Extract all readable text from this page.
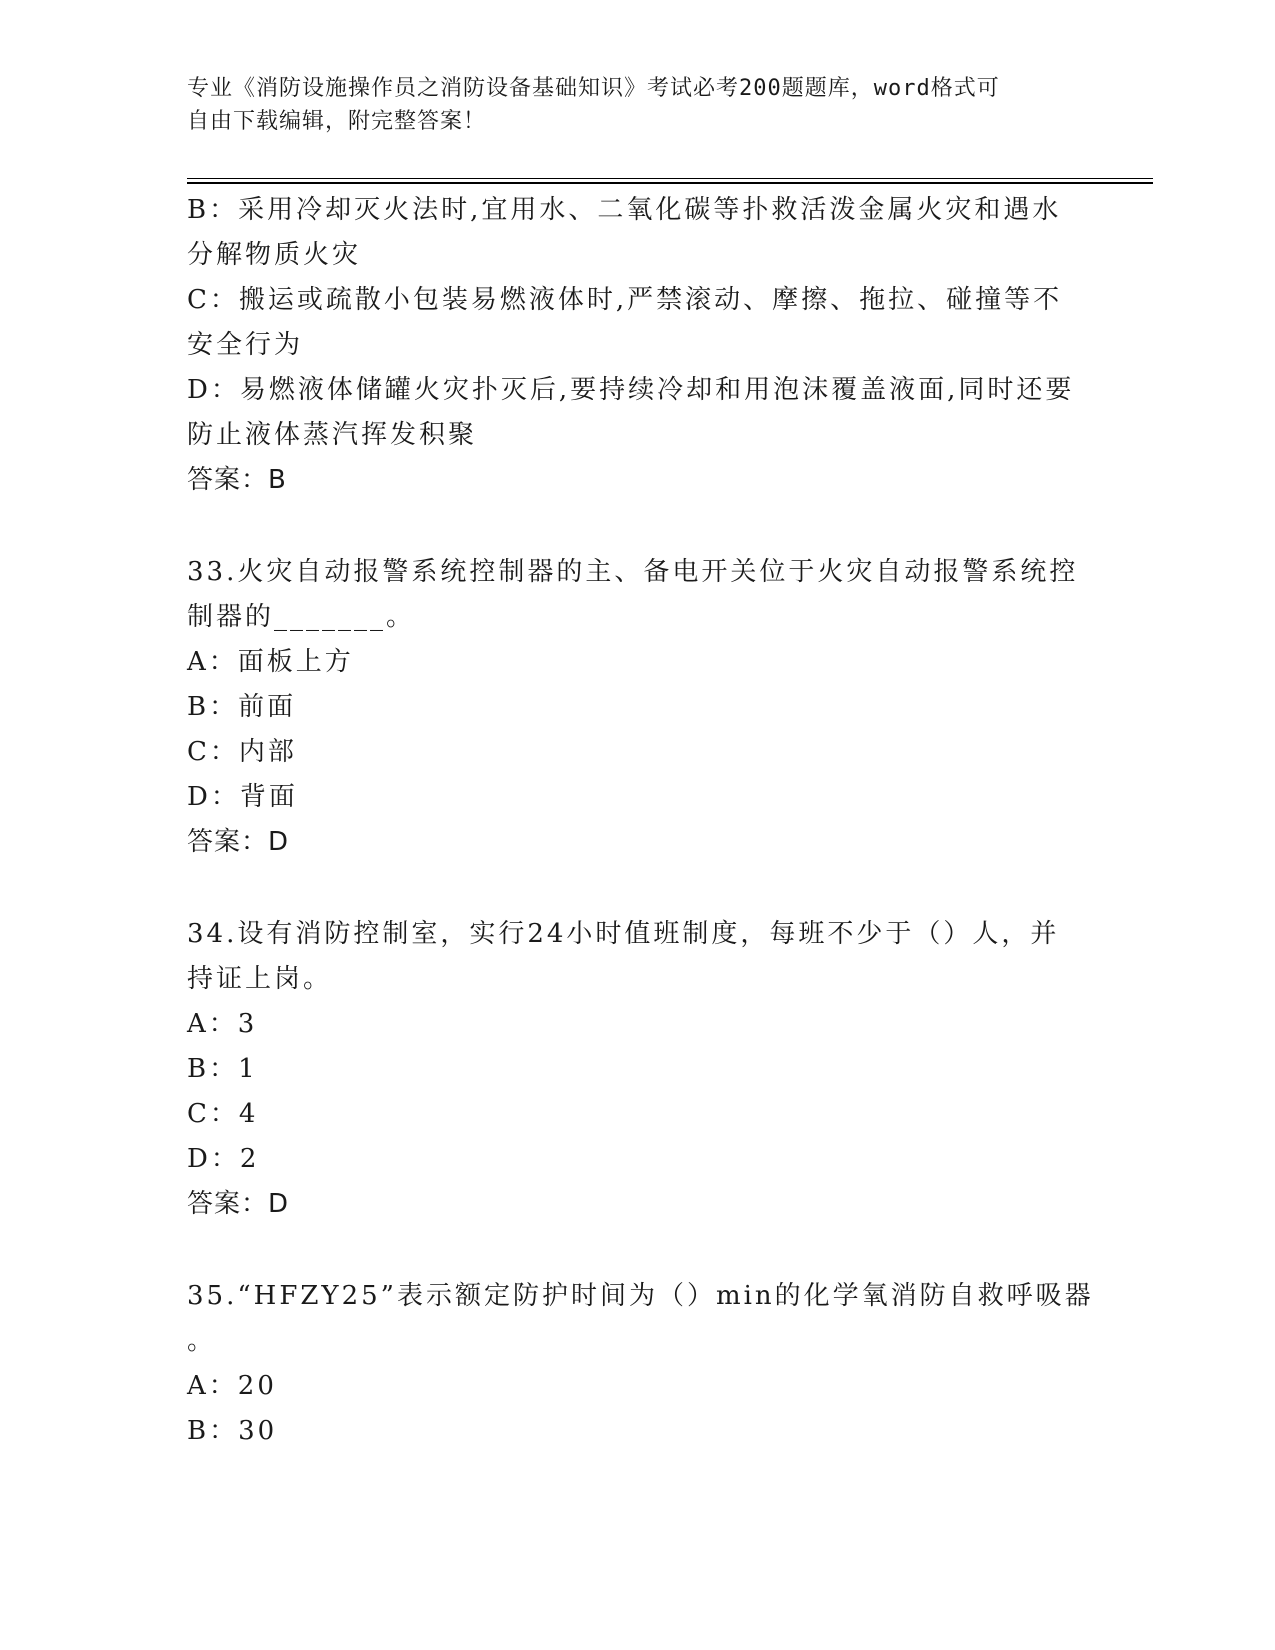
专业《消防设施操作员之消防设备基础知识》考试必考200题题库，word格式可
自由下载编辑，附完整答案！
B：采用冷却灭火法时,宜用水、二氧化碳等扑救活泼金属火灾和遇水
分解物质火灾
C：搬运或疏散小包装易燃液体时,严禁滚动、摩擦、拖拉、碰撞等不
安全行为
D：易燃液体储罐火灾扑灭后,要持续冷却和用泡沫覆盖液面,同时还要
防止液体蒸汽挥发积聚
答案：B
33.火灾自动报警系统控制器的主、备电开关位于火灾自动报警系统控
制器的_______。
A：面板上方
B：前面
C：内部
D：背面
答案：D
34.设有消防控制室，实行24小时值班制度，每班不少于（）人，并
持证上岗。
A：3
B：1
C：4
D：2
答案：D
35.“HFZY25”表示额定防护时间为（）min的化学氧消防自救呼吸器
。
A：20
B：30
